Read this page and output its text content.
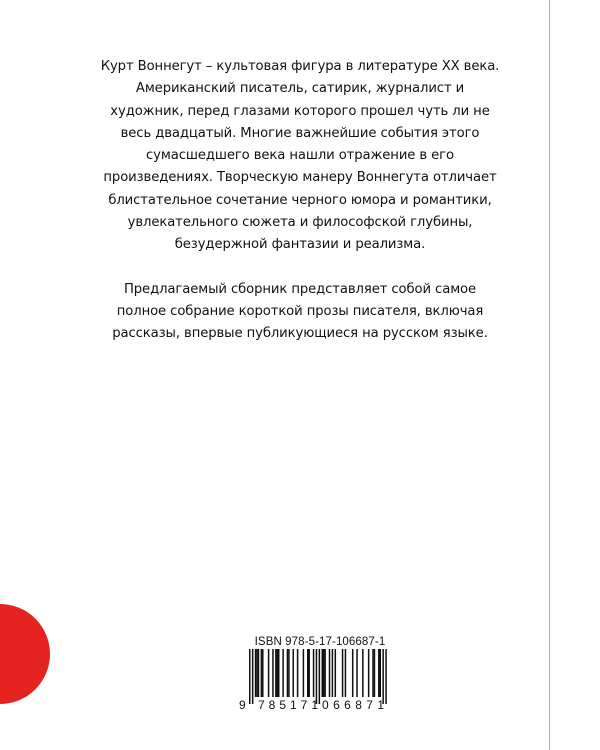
Курт Воннегут – культовая фигура в литературе XX века. Американский писатель, сатирик, журналист и художник, перед глазами которого прошел чуть ли не весь двадцатый. Многие важнейшие события этого сумасшедшего века нашли отражение в его произведениях. Творческую манеру Воннегута отличает блистательное сочетание черного юмора и романтики, увлекательного сюжета и философской глубины, безудержной фантазии и реализма.

Предлагаемый сборник представляет собой самое полное собрание короткой прозы писателя, включая рассказы, впервые публикующиеся на русском языке.

ISBN 978-5-17-106687-1
9 785171 066871
